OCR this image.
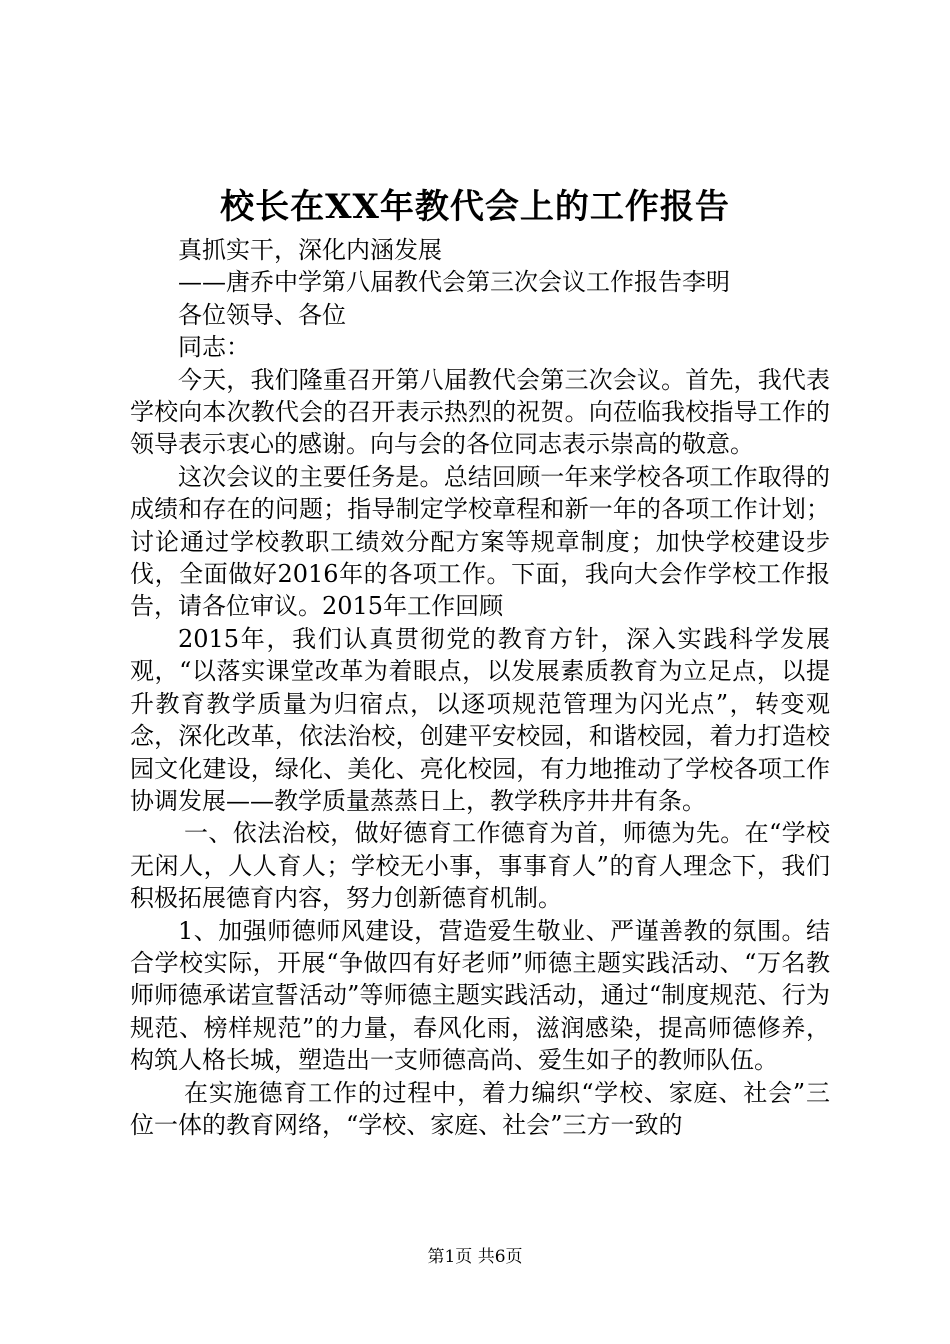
校长在XX年教代会上的工作报告

真抓实干，深化内涵发展

——唐乔中学第八届教代会第三次会议工作报告李明

各位领导、各位

同志：

今天，我们隆重召开第八届教代会第三次会议。首先，我代表学校向本次教代会的召开表示热烈的祝贺。向莅临我校指导工作的领导表示衷心的感谢。向与会的各位同志表示崇高的敬意。

这次会议的主要任务是。总结回顾一年来学校各项工作取得的成绩和存在的问题；指导制定学校章程和新一年的各项工作计划；讨论通过学校教职工绩效分配方案等规章制度；加快学校建设步伐，全面做好2016年的各项工作。下面，我向大会作学校工作报告，请各位审议。2015年工作回顾

2015年，我们认真贯彻党的教育方针，深入实践科学发展观，“以落实课堂改革为着眼点，以发展素质教育为立足点，以提升教育教学质量为归宿点，以逐项规范管理为闪光点”，转变观念，深化改革，依法治校，创建平安校园，和谐校园，着力打造校园文化建设，绿化、美化、亮化校园，有力地推动了学校各项工作协调发展——教学质量蒸蒸日上，教学秩序井井有条。

一、依法治校，做好德育工作德育为首，师德为先。在“学校无闲人，人人育人；学校无小事，事事育人”的育人理念下，我们积极拓展德育内容，努力创新德育机制。

1、加强师德师风建设，营造爱生敬业、严谨善教的氛围。结合学校实际，开展“争做四有好老师”师德主题实践活动、“万名教师师德承诺宣誓活动”等师德主题实践活动，通过“制度规范、行为规范、榜样规范”的力量，春风化雨，滋润感染，提高师德修养，构筑人格长城，塑造出一支师德高尚、爱生如子的教师队伍。

在实施德育工作的过程中，着力编织“学校、家庭、社会”三位一体的教育网络，“学校、家庭、社会”三方一致的

第1页 共6页
